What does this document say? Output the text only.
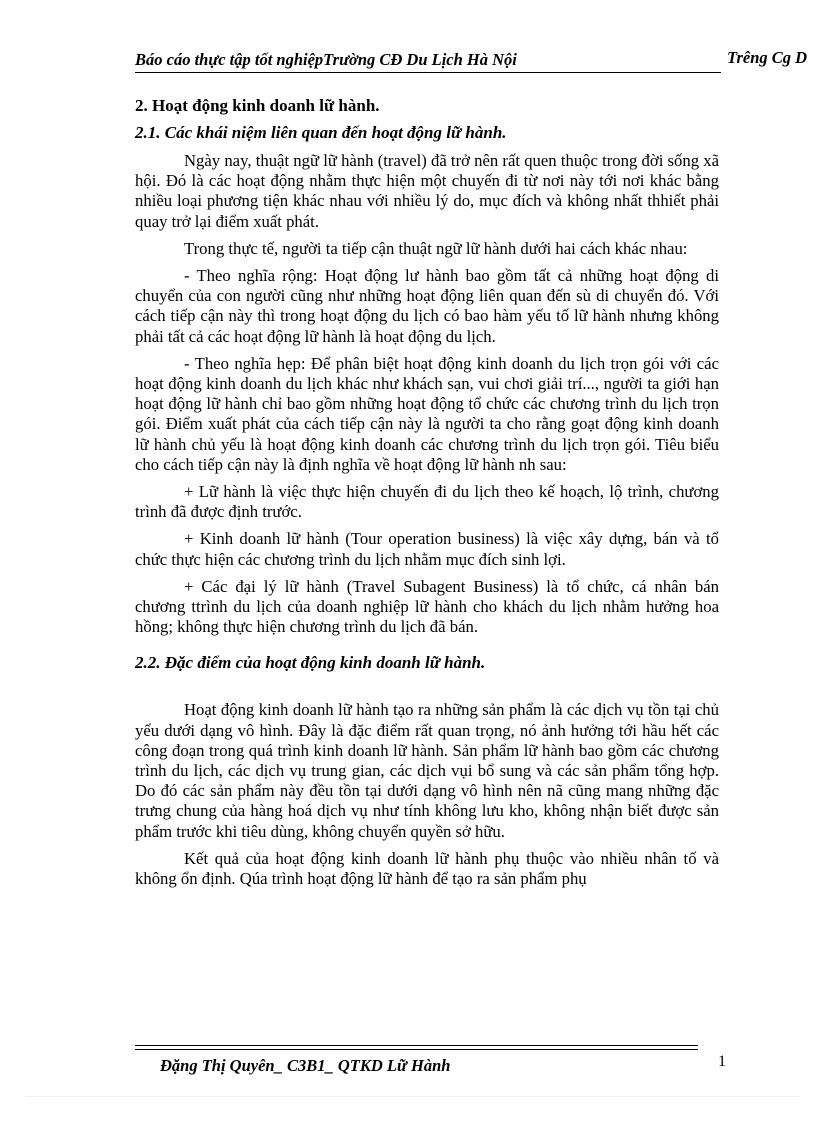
Báo cáo thực tập tốt nghiệpTrường CĐ Du Lịch Hà Nội	Trêng Cg D
2. Hoạt động kinh doanh lữ hành.
2.1. Các khái niệm liên quan đến hoạt động lữ hành.

Ngày nay, thuật ngữ lữ hành (travel) đã trở nên rất quen thuộc trong đời sống xã hội. Đó là các hoạt động nhằm thực hiện một chuyến đi từ nơi này tới nơi khác bằng nhiều loại phương tiện khác nhau với nhiều lý do, mục đích và không nhất thhiết phải quay trở lại điểm xuất phát.

Trong thực tế, người ta tiếp cận thuật ngữ lữ hành dưới hai cách khác nhau:

- Theo nghĩa rộng: Hoạt động lư hành bao gồm tất cả những hoạt động di chuyển của con người cũng như những hoạt động liên quan đến sù di chuyển đó. Với cách tiếp cận này thì trong hoạt động du lịch có bao hàm yếu tố lữ hành nhưng không phải tất cả các hoạt động lữ hành là hoạt động du lịch.

- Theo nghĩa hẹp: Để phân biệt hoạt động kinh doanh du lịch trọn gói với các hoạt động kinh doanh du lịch khác như khách sạn, vui chơi giải trí..., người ta giới hạn hoạt động lữ hành chỉ bao gồm những hoạt động tổ chức các chương trình du lịch trọn gói. Điểm xuất phát của cách tiếp cận này là người ta cho rằng goạt động kinh doanh lữ hành chủ yếu là hoạt động kinh doanh các chương trình du lịch trọn gói. Tiêu biểu cho cách tiếp cận này là định nghĩa về hoạt động lữ hành nh sau:

+ Lữ hành là việc thực hiện chuyến đi du lịch theo kế hoạch, lộ trình, chương trình đã được định trước.

+ Kinh doanh lữ hành (Tour operation business) là việc xây dựng, bán và tổ chức thực hiện các chương trình du lịch nhằm mục đích sinh lợi.

+ Các đại lý lữ hành (Travel Subagent Business) là tổ chức, cá nhân bán chương ttrình du lịch của doanh nghiệp lữ hành cho khách du lịch nhằm hưởng hoa hồng; không thực hiện chương trình du lịch đã bán.

2.2. Đặc điểm của hoạt động kinh doanh lữ hành.

Hoạt động kinh doanh lữ hành tạo ra những sản phẩm là các dịch vụ tồn tại chủ yếu dưới dạng vô hình. Đây là đặc điểm rất quan trọng, nó ảnh hưởng tới hầu hết các công đoạn trong quá trình kinh doanh lữ hành. Sản phẩm lữ hành bao gồm các chương trình du lịch, các dịch vụ trung gian, các dịch vụi bổ sung và các sản phẩm tổng hợp. Do đó các sản phẩm này đều tồn tại dưới dạng vô hình nên nã cũng mang những đặc trưng chung của hàng hoá dịch vụ như tính không lưu kho, không nhận biết được sản phẩm trước khi tiêu dùng, không chuyển quyền sở hữu.

Kết quả của hoạt động kinh doanh lữ hành phụ thuộc vào nhiều nhân tố và không ổn định. Qúa trình hoạt động lữ hành để tạo ra sản phẩm phụ

Đặng Thị Quyên_ C3B1_ QTKD Lữ Hành	1
